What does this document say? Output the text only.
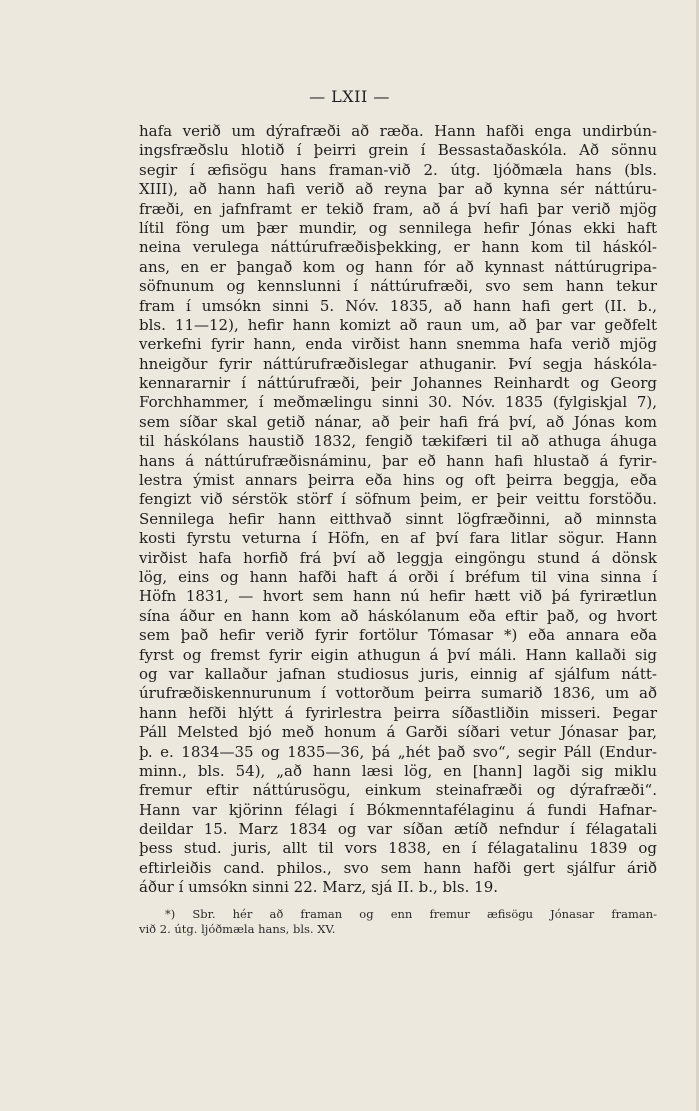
— LXII —
hafa verið um dýrafræði að ræða. Hann hafði enga undirbún-
ingsfræðslu hlotið í þeirri grein í Bessastaðaskóla. Að sönnu
segir í æfisögu hans framan-við 2. útg. ljóðmæla hans (bls.
XIII), að hann hafi verið að reyna þar að kynna sér náttúru-
fræði, en jafnframt er tekið fram, að á því hafi þar verið mjög
lítil föng um þær mundir, og sennilega hefir Jónas ekki haft
neina verulega náttúrufræðisþekking, er hann kom til háskól-
ans, en er þangað kom og hann fór að kynnast náttúrugripa-
söfnunum og kennslunni í náttúrufræði, svo sem hann tekur
fram í umsókn sinni 5. Nóv. 1835, að hann hafi gert (II. b.,
bls. 11—12), hefir hann komizt að raun um, að þar var geðfelt
verkefni fyrir hann, enda virðist hann snemma hafa verið mjög
hneigður fyrir náttúrufræðislegar athuganir. Því segja háskóla-
kennararnir í náttúrufræði, þeir Johannes Reinhardt og Georg
Forchhammer, í meðmælingu sinni 30. Nóv. 1835 (fylgiskjal 7),
sem síðar skal getið nánar, að þeir hafi frá því, að Jónas kom
til háskólans haustið 1832, fengið tækifæri til að athuga áhuga
hans á náttúrufræðisnáminu, þar eð hann hafi hlustað á fyrir-
lestra ýmist annars þeirra eða hins og oft þeirra beggja, eða
fengizt við sérstök störf í söfnum þeim, er þeir veittu forstöðu.
Sennilega hefir hann eitthvað sinnt lögfræðinni, að minnsta
kosti fyrstu veturna í Höfn, en af því fara litlar sögur. Hann
virðist hafa horfið frá því að leggja eingöngu stund á dönsk
lög, eins og hann hafði haft á orði í bréfum til vina sinna í
Höfn 1831, — hvort sem hann nú hefir hætt við þá fyrirætlun
sína áður en hann kom að háskólanum eða eftir það, og hvort
sem það hefir verið fyrir fortölur Tómasar *) eða annara eða
fyrst og fremst fyrir eigin athugun á því máli. Hann kallaði sig
og var kallaður jafnan studiosus juris, einnig af sjálfum nátt-
úrufræðiskennurunum í vottorðum þeirra sumarið 1836, um að
hann hefði hlýtt á fyrirlestra þeirra síðastliðin misseri. Þegar
Páll Melsted bjó með honum á Garði síðari vetur Jónasar þar,
þ. e. 1834—35 og 1835—36, þá „hét það svo“, segir Páll (Endur-
minn., bls. 54), „að hann læsi lög, en [hann] lagði sig miklu
fremur eftir náttúrusögu, einkum steinafræði og dýrafræði“.
Hann var kjörinn félagi í Bókmenntafélaginu á fundi Hafnar-
deildar 15. Marz 1834 og var síðan ætíð nefndur í félagatali
þess stud. juris, allt til vors 1838, en í félagatalinu 1839 og
eftirleiðis cand. philos., svo sem hann hafði gert sjálfur árið
áður í umsókn sinni 22. Marz, sjá II. b., bls. 19.
*) Sbr. hér að framan og enn fremur æfisögu Jónasar framan-
við 2. útg. ljóðmæla hans, bls. XV.
